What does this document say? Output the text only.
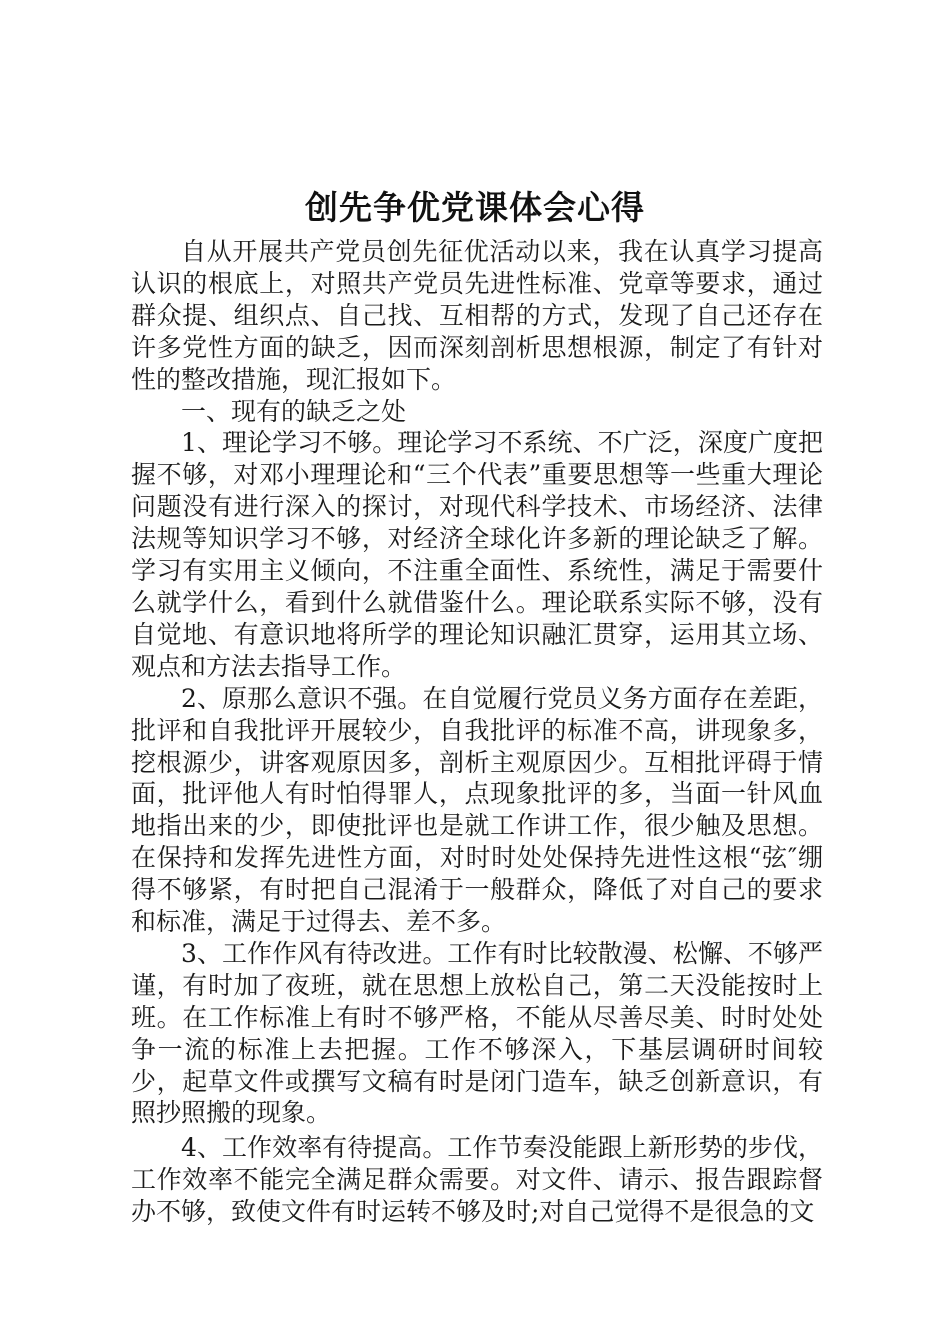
创先争优党课体会心得

自从开展共产党员创先征优活动以来，我在认真学习提高认识的根底上，对照共产党员先进性标准、党章等要求，通过群众提、组织点、自己找、互相帮的方式，发现了自己还存在许多党性方面的缺乏，因而深刻剖析思想根源，制定了有针对性的整改措施，现汇报如下。

一、现有的缺乏之处

1、理论学习不够。理论学习不系统、不广泛，深度广度把握不够，对邓小理理论和“三个代表”重要思想等一些重大理论问题没有进行深入的探讨，对现代科学技术、市场经济、法律法规等知识学习不够，对经济全球化许多新的理论缺乏了解。学习有实用主义倾向，不注重全面性、系统性，满足于需要什么就学什么，看到什么就借鉴什么。理论联系实际不够，没有自觉地、有意识地将所学的理论知识融汇贯穿，运用其立场、观点和方法去指导工作。

2、原那么意识不强。在自觉履行党员义务方面存在差距，批评和自我批评开展较少，自我批评的标准不高，讲现象多，挖根源少，讲客观原因多，剖析主观原因少。互相批评碍于情面，批评他人有时怕得罪人，点现象批评的多，当面一针风血地指出来的少，即使批评也是就工作讲工作，很少触及思想。在保持和发挥先进性方面，对时时处处保持先进性这根“弦″绷得不够紧，有时把自己混淆于一般群众，降低了对自己的要求和标准，满足于过得去、差不多。

3、工作作风有待改进。工作有时比较散漫、松懈、不够严谨，有时加了夜班，就在思想上放松自己，第二天没能按时上班。在工作标准上有时不够严格，不能从尽善尽美、时时处处争一流的标准上去把握。工作不够深入，下基层调研时间较少，起草文件或撰写文稿有时是闭门造车，缺乏创新意识，有照抄照搬的现象。

4、工作效率有待提高。工作节奏没能跟上新形势的步伐，工作效率不能完全满足群众需要。对文件、请示、报告跟踪督办不够，致使文件有时运转不够及时;对自己觉得不是很急的文
